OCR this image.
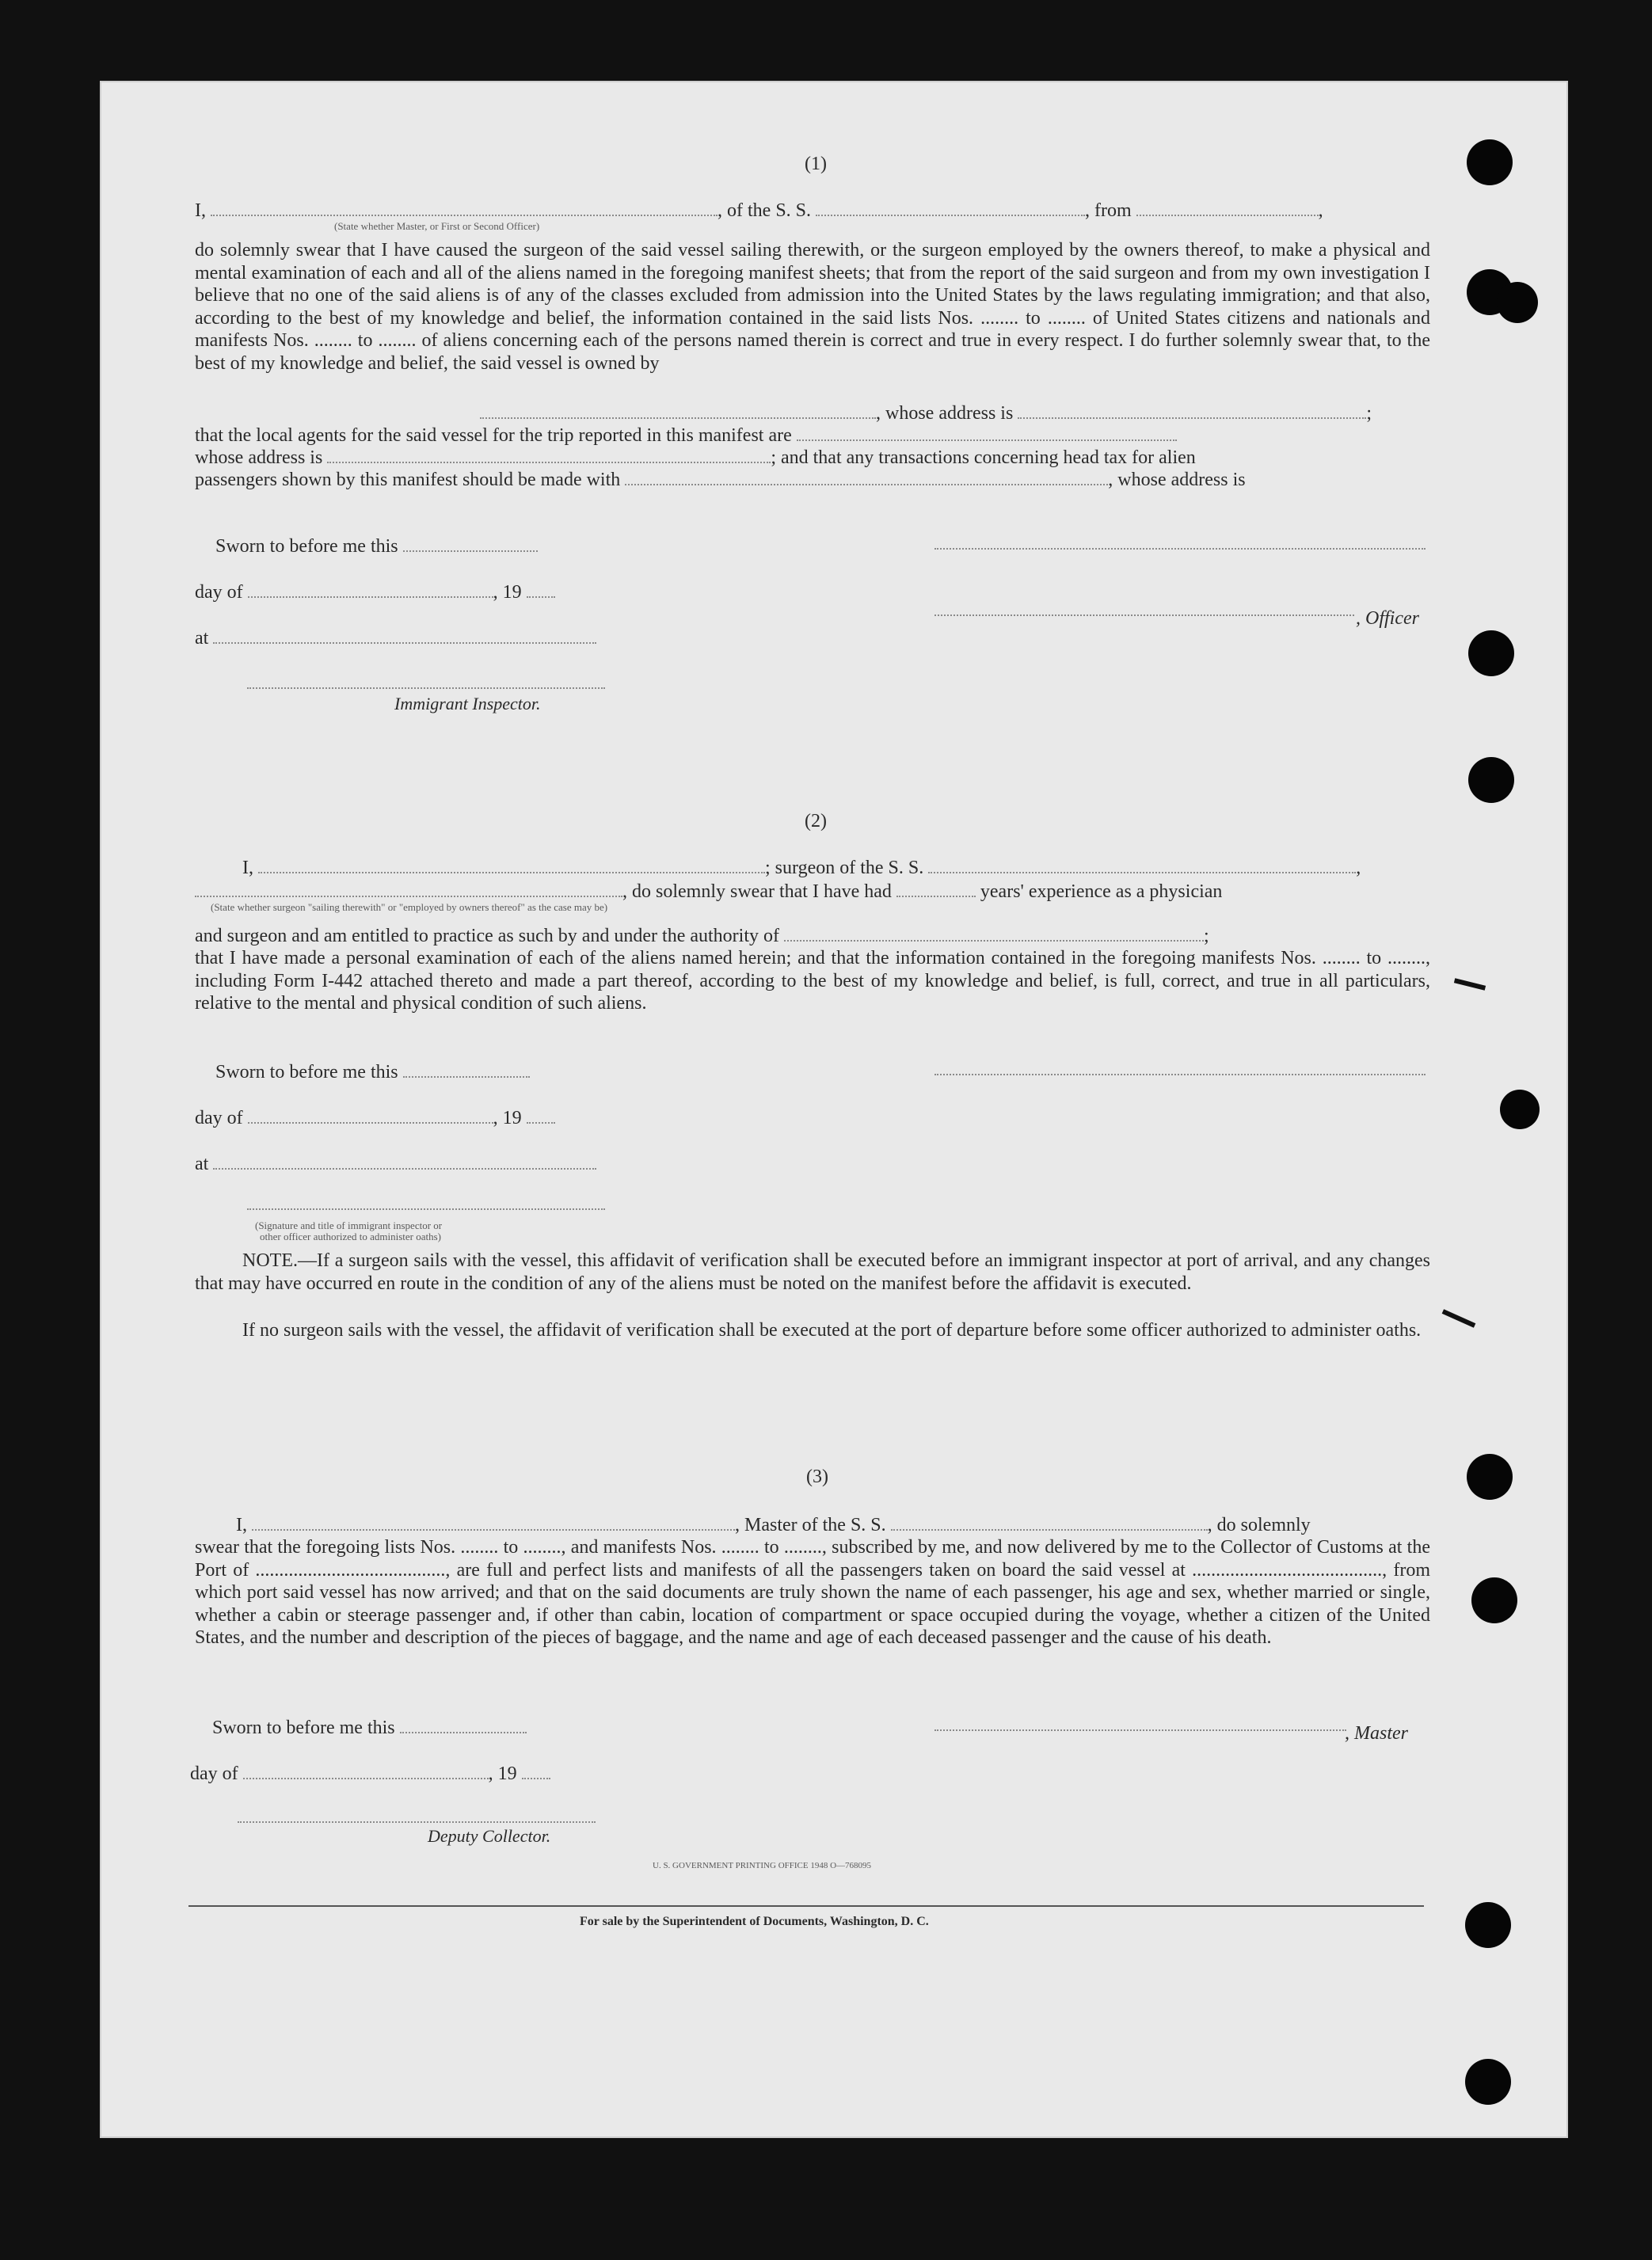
(1)
I,	, of the S. S.	, from	,
(State whether Master, or First or Second Officer)
do solemnly swear that I have caused the surgeon of the said vessel sailing therewith, or the surgeon employed by the owners thereof, to make a physical and mental examination of each and all of the aliens named in the foregoing manifest sheets; that from the report of the said surgeon and from my own investigation I believe that no one of the said aliens is of any of the classes excluded from admission into the United States by the laws regulating immigration; and that also, according to the best of my knowledge and belief, the information contained in the said lists Nos. ........ to ........ of United States citizens and nationals and manifests Nos. ........ to ........ of aliens concerning each of the persons named therein is correct and true in every respect. I do further solemnly swear that, to the best of my knowledge and belief, the said vessel is owned by
, whose address is	;
that the local agents for the said vessel for the trip reported in this manifest are
whose address is	; and that any transactions concerning head tax for alien
passengers shown by this manifest should be made with	, whose address is
Sworn to before me this
day of	, 19
, Officer
at
Immigrant Inspector.
(2)
I,	; surgeon of the S. S.	,
, do solemnly swear that I have had	years' experience as a physician
(State whether surgeon "sailing therewith" or "employed by owners thereof" as the case may be)
and surgeon and am entitled to practice as such by and under the authority of	;
that I have made a personal examination of each of the aliens named herein; and that the information contained in the foregoing manifests Nos. ........ to ........, including Form I-442 attached thereto and made a part thereof, according to the best of my knowledge and belief, is full, correct, and true in all particulars, relative to the mental and physical condition of such aliens.
Sworn to before me this
day of	, 19
at
(Signature and title of immigrant inspector or
other officer authorized to administer oaths)
NOTE.—If a surgeon sails with the vessel, this affidavit of verification shall be executed before an immigrant inspector at port of arrival, and any changes that may have occurred en route in the condition of any of the aliens must be noted on the manifest before the affidavit is executed.
If no surgeon sails with the vessel, the affidavit of verification shall be executed at the port of departure before some officer authorized to administer oaths.
(3)
I,	, Master of the S. S.	, do solemnly
swear that the foregoing lists Nos. ........ to ........, and manifests Nos. ........ to ........, subscribed by me, and now delivered by me to the Collector of Customs at the Port of ........................................, are full and perfect lists and manifests of all the passengers taken on board the said vessel at ........................................, from which port said vessel has now arrived; and that on the said documents are truly shown the name of each passenger, his age and sex, whether married or single, whether a cabin or steerage passenger and, if other than cabin, location of compartment or space occupied during the voyage, whether a citizen of the United States, and the number and description of the pieces of baggage, and the name and age of each deceased passenger and the cause of his death.
Sworn to before me this	, Master
day of	, 19
Deputy Collector.
U. S. GOVERNMENT PRINTING OFFICE 1948 O—768095
For sale by the Superintendent of Documents, Washington, D. C.
